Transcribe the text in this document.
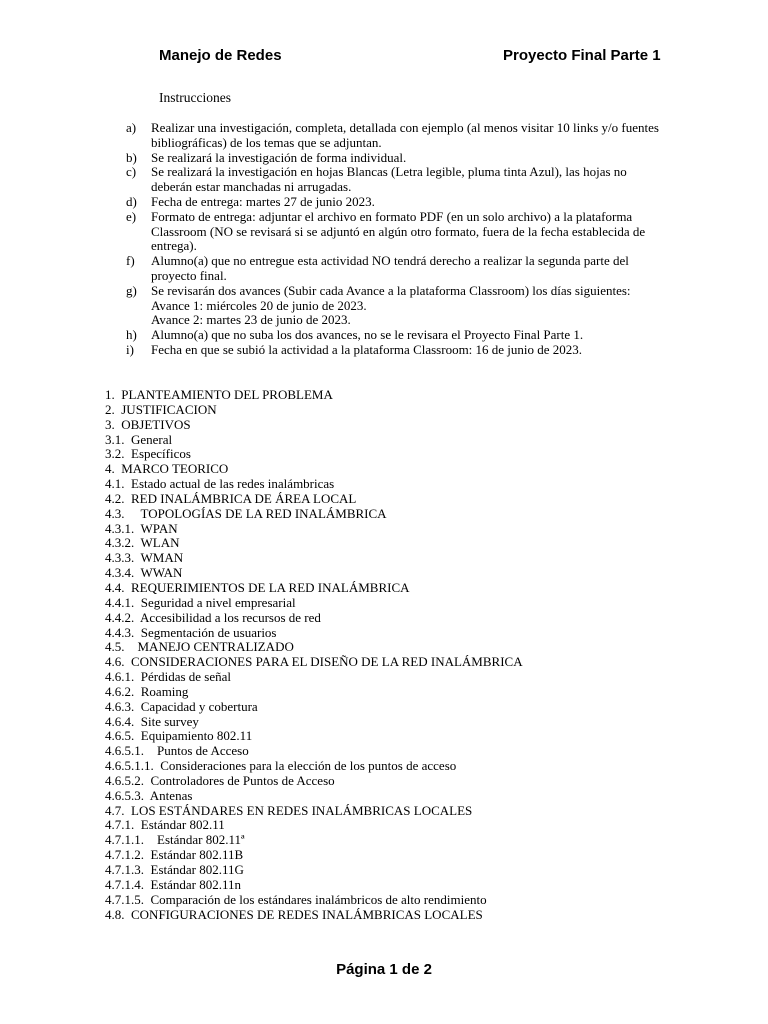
Manejo de Redes	Proyecto Final Parte 1
Instrucciones
a)	Realizar una investigación, completa, detallada con ejemplo (al menos visitar 10 links y/o fuentes bibliográficas) de los temas que se adjuntan.
b)	Se realizará la investigación de forma individual.
c)	Se realizará la investigación en hojas Blancas (Letra legible, pluma tinta Azul), las hojas no deberán estar manchadas ni arrugadas.
d)	Fecha de entrega: martes 27 de junio 2023.
e)	Formato de entrega: adjuntar el archivo en formato PDF (en un solo archivo) a la plataforma Classroom (NO se revisará si se adjuntó en algún otro formato, fuera de la fecha establecida de entrega).
f)	Alumno(a) que no entregue esta actividad NO tendrá derecho a realizar la segunda parte del proyecto final.
g)	Se revisarán dos avances (Subir cada Avance a la plataforma Classroom) los días siguientes:
Avance 1: miércoles 20 de junio de 2023.
Avance 2: martes 23 de junio de 2023.
h)	Alumno(a) que no suba los dos avances, no se le revisara el Proyecto Final Parte 1.
i)	Fecha en que se subió la actividad a la plataforma Classroom: 16 de junio de 2023.
1. PLANTEAMIENTO DEL PROBLEMA
2. JUSTIFICACION
3. OBJETIVOS
3.1. General
3.2. Específicos
4. MARCO TEORICO
4.1. Estado actual de las redes inalámbricas
4.2. RED INALÁMBRICA DE ÁREA LOCAL
4.3.     TOPOLOGÍAS DE LA RED INALÁMBRICA
4.3.1. WPAN
4.3.2. WLAN
4.3.3. WMAN
4.3.4. WWAN
4.4. REQUERIMIENTOS DE LA RED INALÁMBRICA
4.4.1. Seguridad a nivel empresarial
4.4.2. Accesibilidad a los recursos de red
4.4.3. Segmentación de usuarios
4.5.    MANEJO CENTRALIZADO
4.6. CONSIDERACIONES PARA EL DISEÑO DE LA RED INALÁMBRICA
4.6.1. Pérdidas de señal
4.6.2. Roaming
4.6.3. Capacidad y cobertura
4.6.4. Site survey
4.6.5. Equipamiento 802.11
4.6.5.1.    Puntos de Acceso
4.6.5.1.1. Consideraciones para la elección de los puntos de acceso
4.6.5.2. Controladores de Puntos de Acceso
4.6.5.3. Antenas
4.7. LOS ESTÁNDARES EN REDES INALÁMBRICAS LOCALES
4.7.1. Estándar 802.11
4.7.1.1.    Estándar 802.11ª
4.7.1.2. Estándar 802.11B
4.7.1.3. Estándar 802.11G
4.7.1.4. Estándar 802.11n
4.7.1.5. Comparación de los estándares inalámbricos de alto rendimiento
4.8. CONFIGURACIONES DE REDES INALÁMBRICAS LOCALES
Página 1 de 2
